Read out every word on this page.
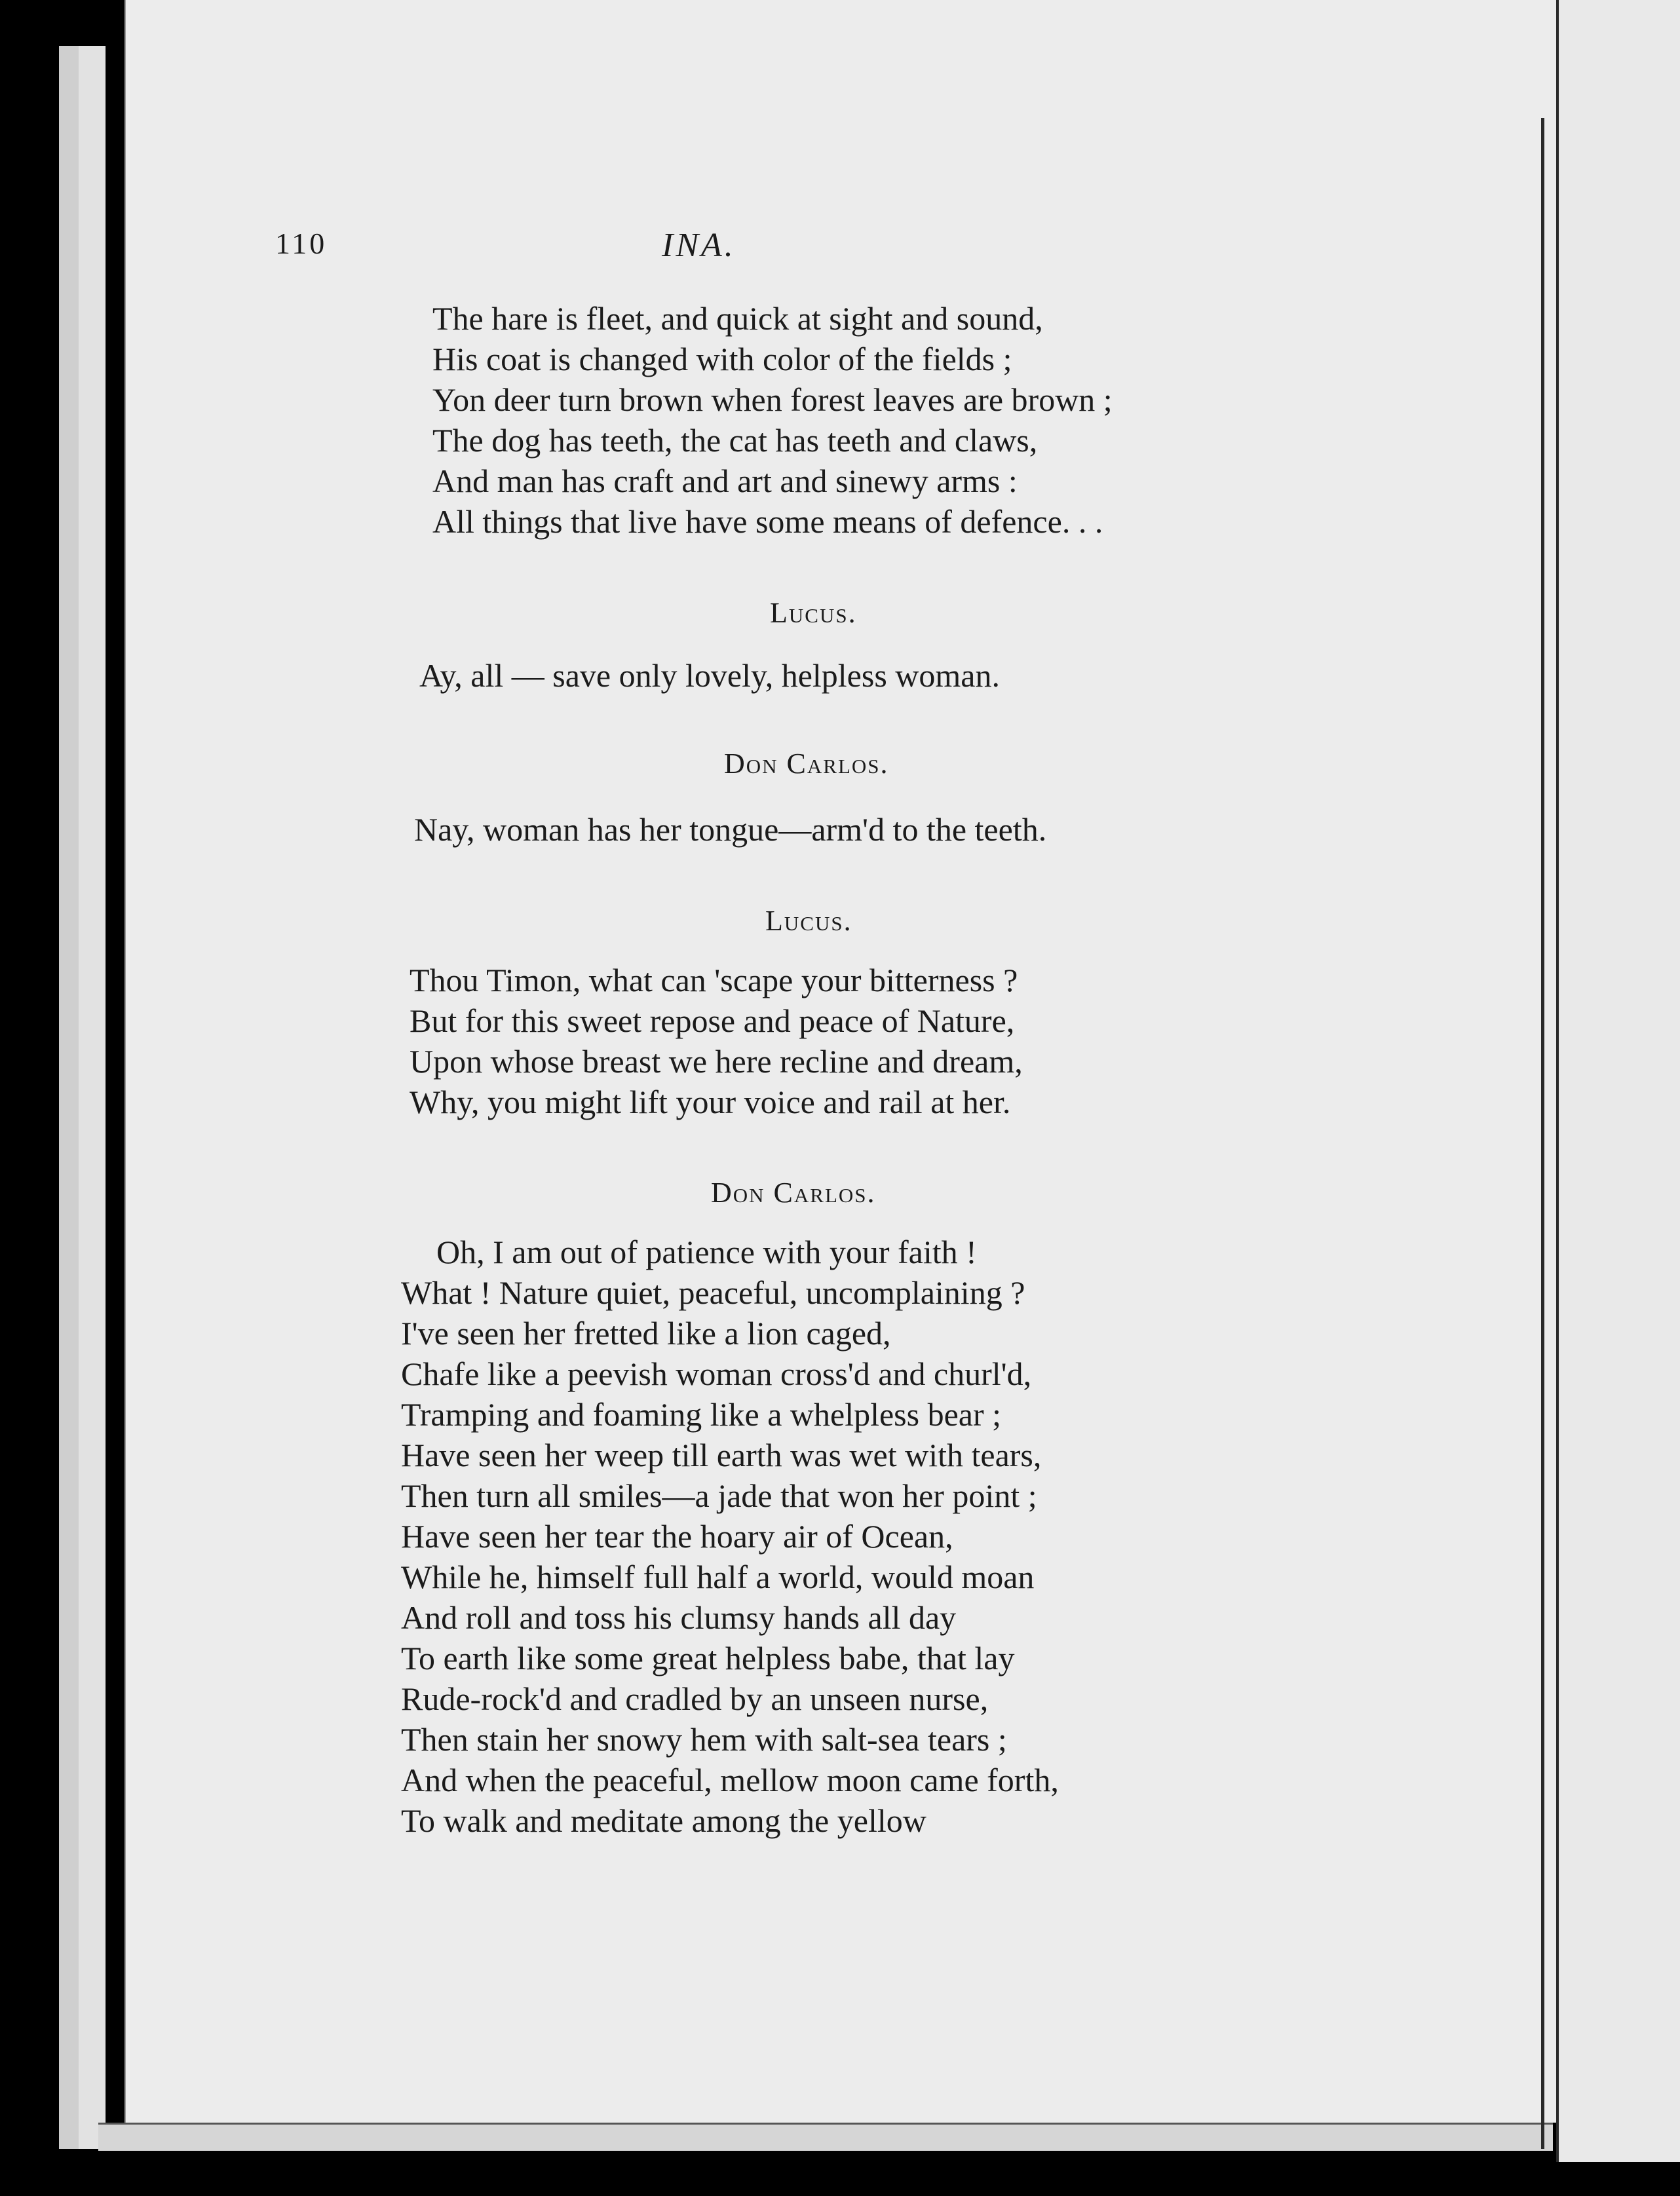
110	INA.
The hare is fleet, and quick at sight and sound,
His coat is changed with color of the fields ;
Yon deer turn brown when forest leaves are brown ;
The dog has teeth, the cat has teeth and claws,
And man has craft and art and sinewy arms :
All things that live have some means of defence. . .
Lucus.
Ay, all — save only lovely, helpless woman.
Don Carlos.
Nay, woman has her tongue—arm'd to the teeth.
Lucus.
Thou Timon, what can 'scape your bitterness ?
But for this sweet repose and peace of Nature,
Upon whose breast we here recline and dream,
Why, you might lift your voice and rail at her.
Don Carlos.
Oh, I am out of patience with your faith !
What ! Nature quiet, peaceful, uncomplaining ?
I've seen her fretted like a lion caged,
Chafe like a peevish woman cross'd and churl'd,
Tramping and foaming like a whelpless bear ;
Have seen her weep till earth was wet with tears,
Then turn all smiles—a jade that won her point ;
Have seen her tear the hoary air of Ocean,
While he, himself full half a world, would moan
And roll and toss his clumsy hands all day
To earth like some great helpless babe, that lay
Rude-rock'd and cradled by an unseen nurse,
Then stain her snowy hem with salt-sea tears ;
And when the peaceful, mellow moon came forth,
To walk and meditate among the yellow
